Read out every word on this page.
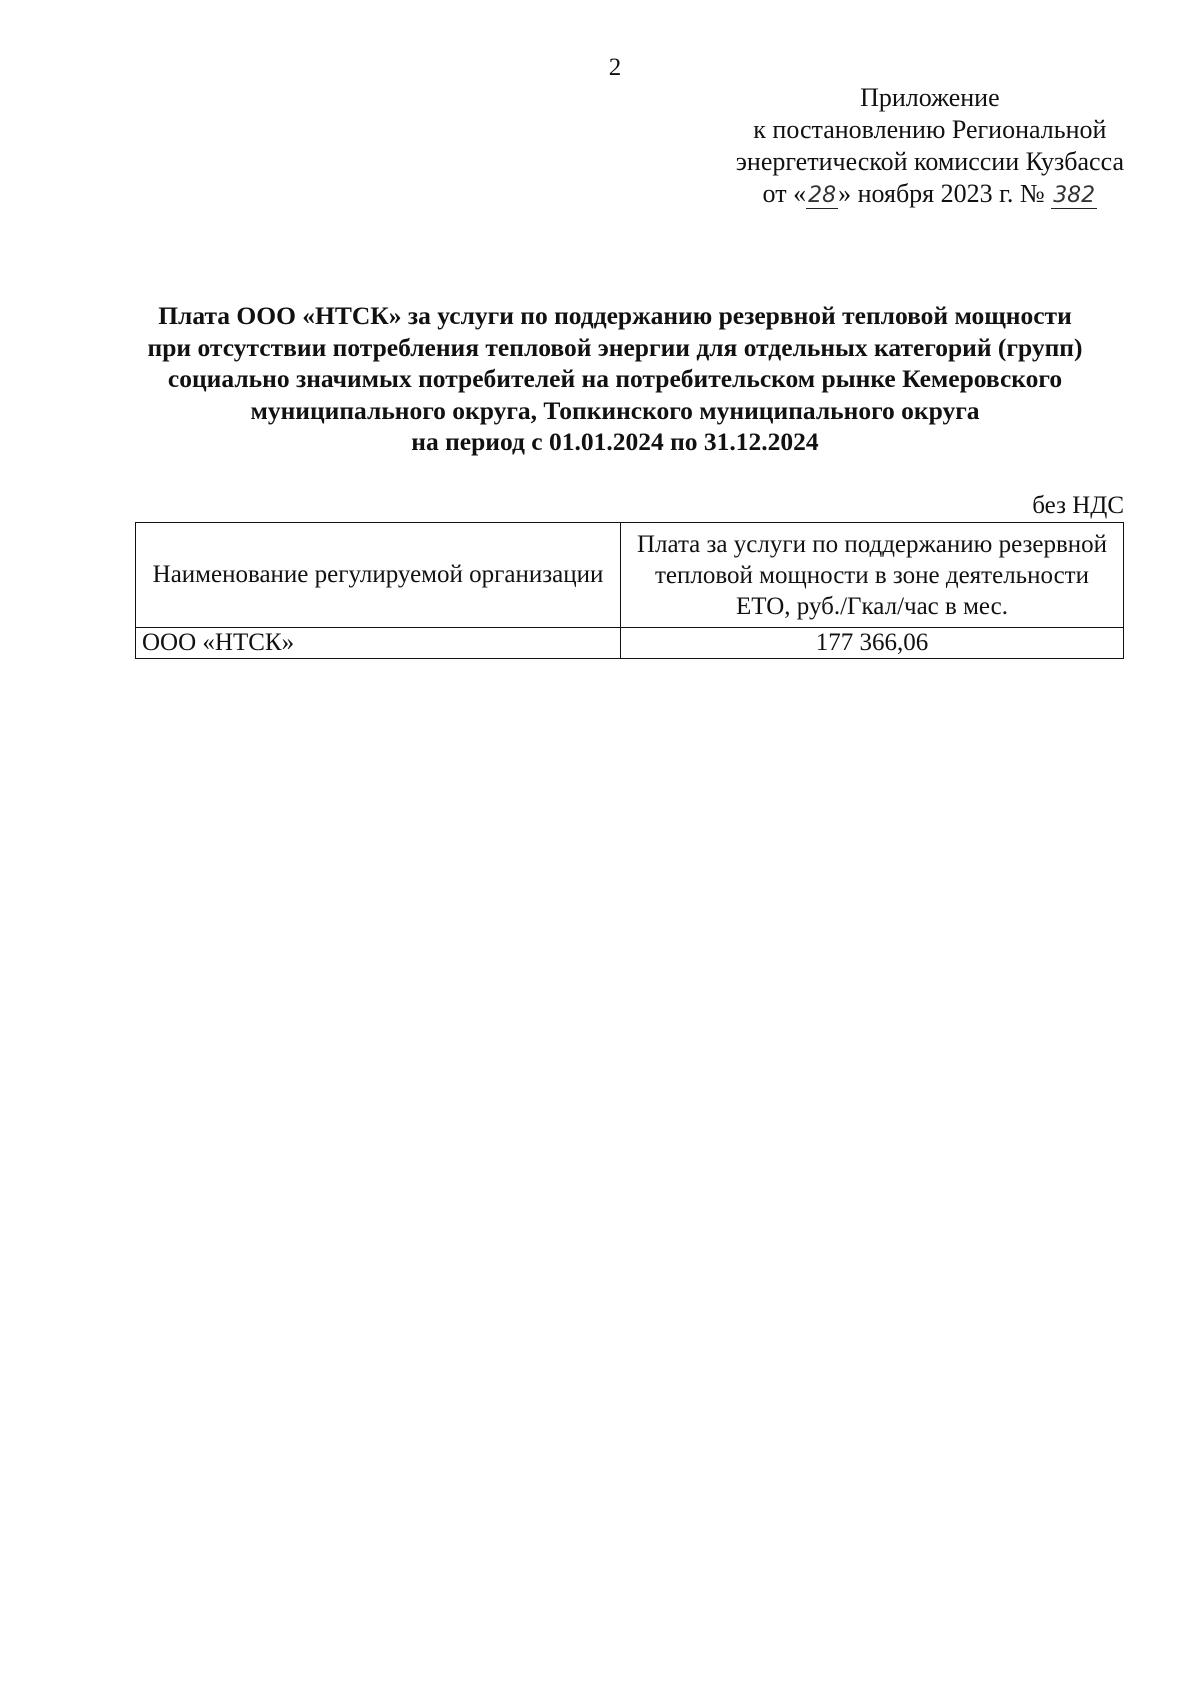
2
Приложение
к постановлению Региональной
энергетической комиссии Кузбасса
от «28» ноября 2023 г. № 382
Плата ООО «НТСК» за услуги по поддержанию резервной тепловой мощности
при отсутствии потребления тепловой энергии для отдельных категорий (групп)
социально значимых потребителей на потребительском рынке Кемеровского
муниципального округа, Топкинского муниципального округа
на период с 01.01.2024 по 31.12.2024
без НДС
Наименование регулируемой организации	Плата за услуги по поддержанию резервной тепловой мощности в зоне деятельности ЕТО, руб./Гкал/час в мес.
ООО «НТСК»	177 366,06
